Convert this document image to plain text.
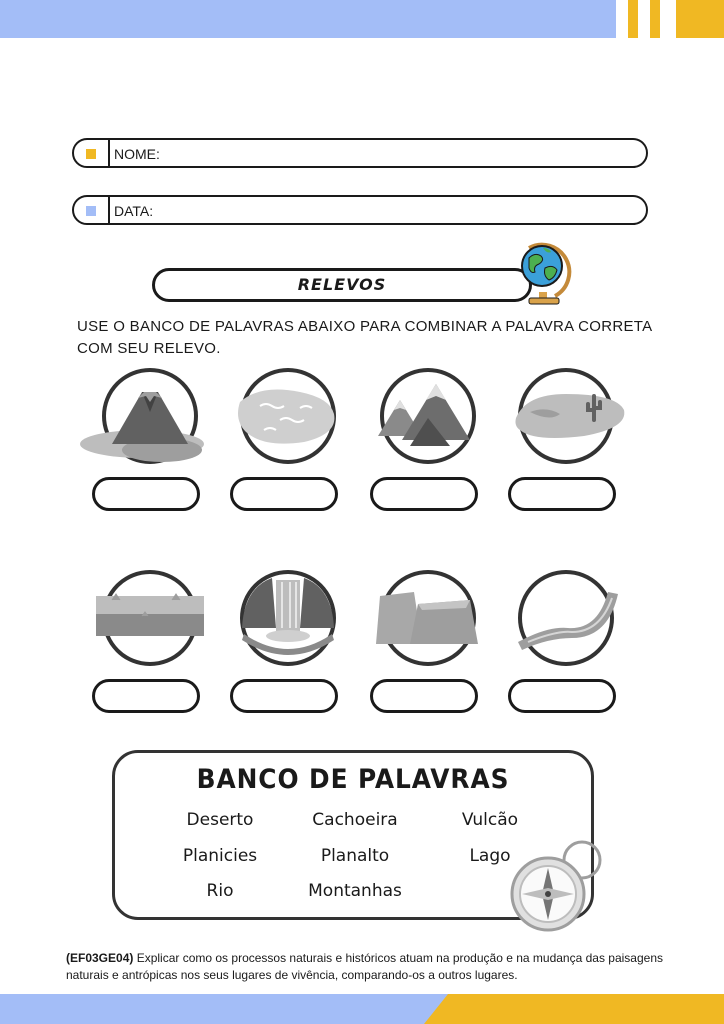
NOME:
DATA:
RELEVOS
USE O BANCO DE PALAVRAS ABAIXO PARA COMBINAR A PALAVRA CORRETA COM SEU RELEVO.
BANCO DE PALAVRAS
Deserto	Cachoeira	Vulcão
Planicies	Planalto	Lago
Rio	Montanhas
(EF03GE04) Explicar como os processos naturais e históricos atuam na produção e na mudança das paisagens naturais e antrópicas nos seus lugares de vivência, comparando-os a outros lugares.
